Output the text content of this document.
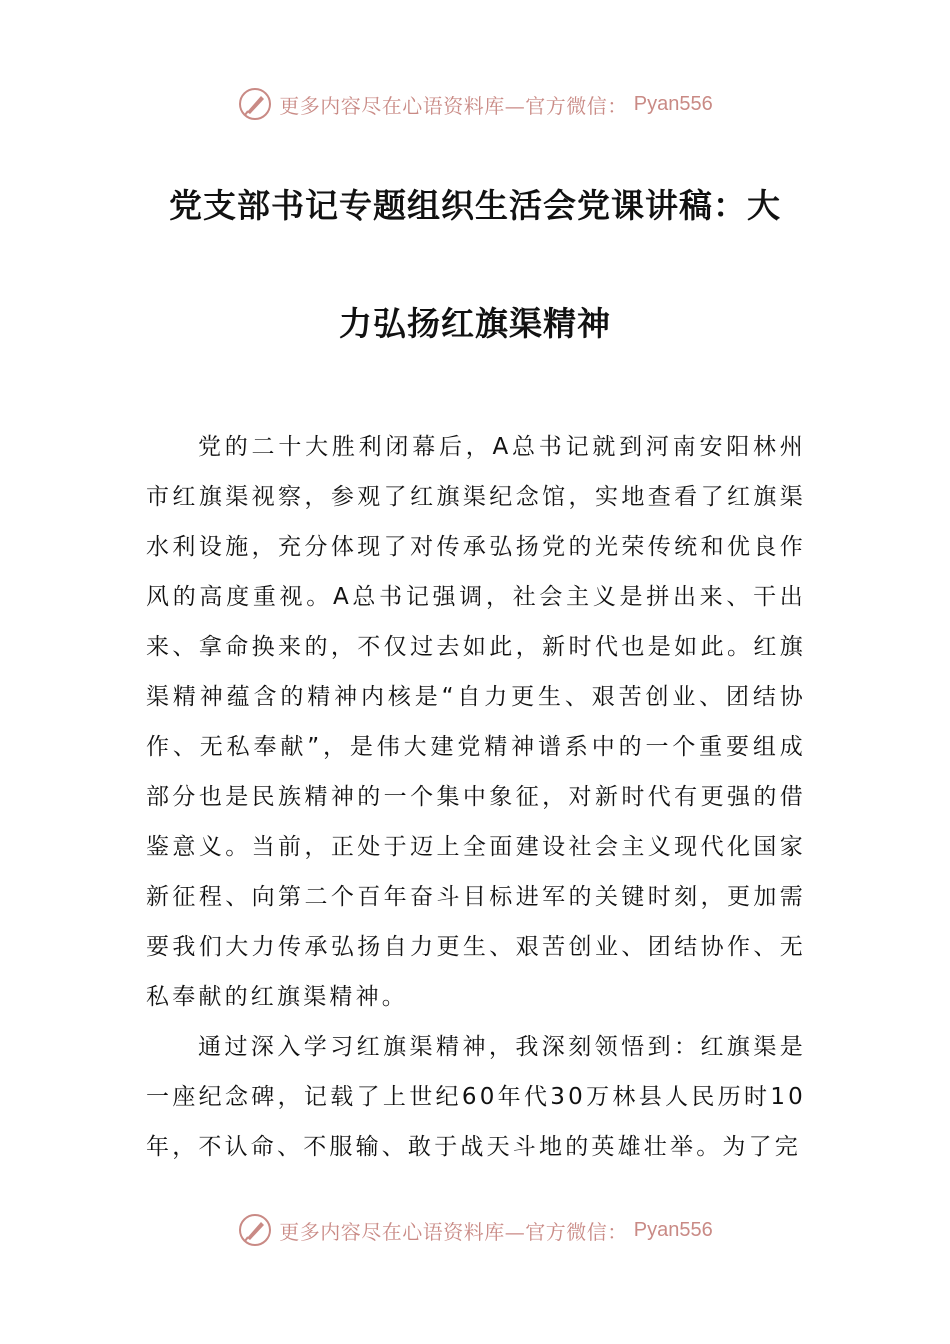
更多内容尽在心语资料库—官方微信： Pyan556
党支部书记专题组织生活会党课讲稿：大
力弘扬红旗渠精神

党的二十大胜利闭幕后，A总书记就到河南安阳林州市红旗渠视察，参观了红旗渠纪念馆，实地查看了红旗渠水利设施，充分体现了对传承弘扬党的光荣传统和优良作风的高度重视。A总书记强调，社会主义是拼出来、干出来、拿命换来的，不仅过去如此，新时代也是如此。红旗渠精神蕴含的精神内核是“自力更生、艰苦创业、团结协作、无私奉献”，是伟大建党精神谱系中的一个重要组成部分也是民族精神的一个集中象征，对新时代有更强的借鉴意义。当前，正处于迈上全面建设社会主义现代化国家新征程、向第二个百年奋斗目标进军的关键时刻，更加需要我们大力传承弘扬自力更生、艰苦创业、团结协作、无私奉献的红旗渠精神。

通过深入学习红旗渠精神，我深刻领悟到：红旗渠是一座纪念碑，记载了上世纪60年代30万林县人民历时10年，不认命、不服输、敢于战天斗地的英雄壮举。为了完

更多内容尽在心语资料库—官方微信： Pyan556
